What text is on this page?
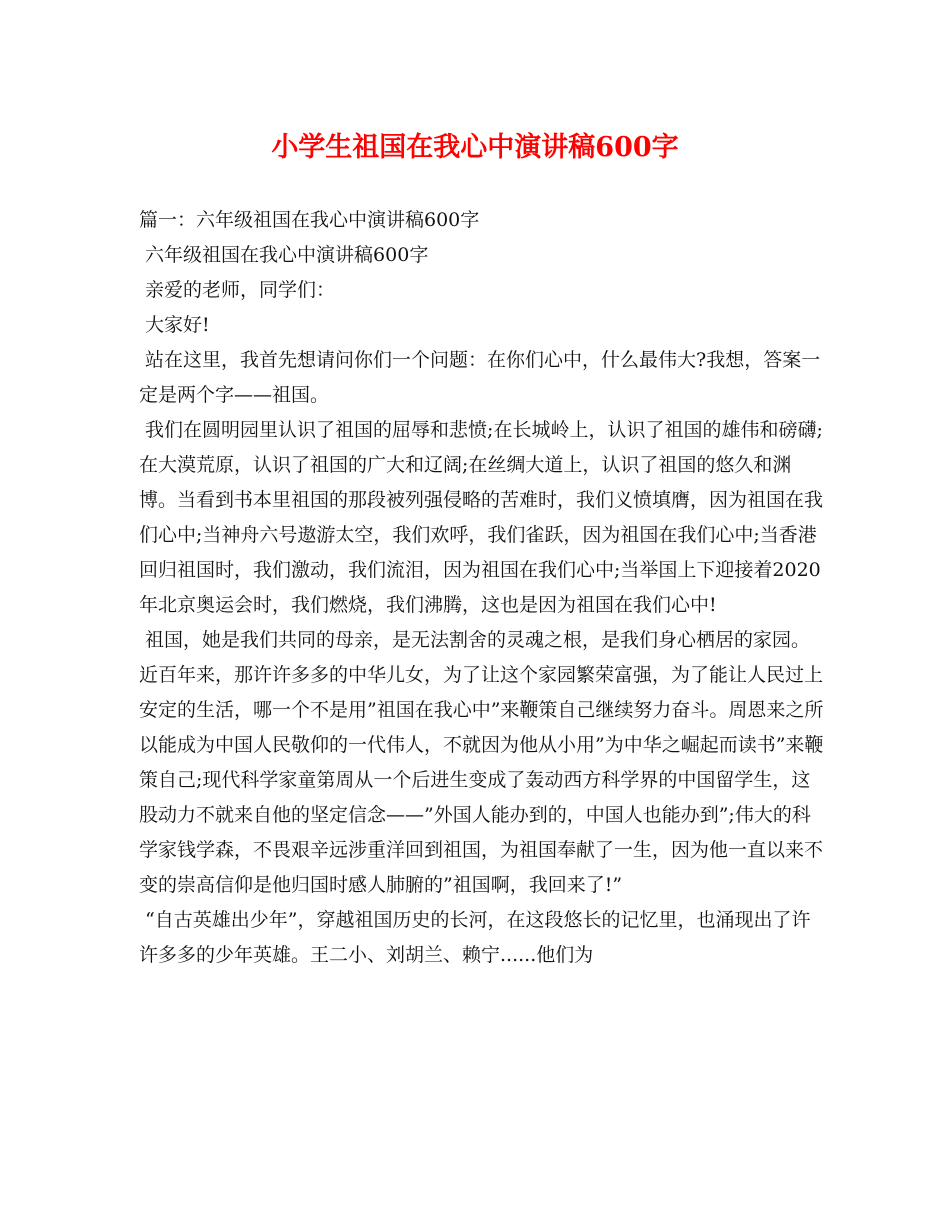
小学生祖国在我心中演讲稿600字

篇一：六年级祖国在我心中演讲稿600字

六年级祖国在我心中演讲稿600字

亲爱的老师，同学们：

大家好!

站在这里，我首先想请问你们一个问题：在你们心中，什么最伟大?我想，答案一定是两个字——祖国。

我们在圆明园里认识了祖国的屈辱和悲愤;在长城岭上，认识了祖国的雄伟和磅礴;在大漠荒原，认识了祖国的广大和辽阔;在丝绸大道上，认识了祖国的悠久和渊博。当看到书本里祖国的那段被列强侵略的苦难时，我们义愤填膺，因为祖国在我们心中;当神舟六号遨游太空，我们欢呼，我们雀跃，因为祖国在我们心中;当香港回归祖国时，我们激动，我们流泪，因为祖国在我们心中;当举国上下迎接着2020年北京奥运会时，我们燃烧，我们沸腾，这也是因为祖国在我们心中!

祖国，她是我们共同的母亲，是无法割舍的灵魂之根，是我们身心栖居的家园。近百年来，那许许多多的中华儿女，为了让这个家园繁荣富强，为了能让人民过上安定的生活，哪一个不是用”祖国在我心中”来鞭策自己继续努力奋斗。周恩来之所以能成为中国人民敬仰的一代伟人，不就因为他从小用”为中华之崛起而读书”来鞭策自己;现代科学家童第周从一个后进生变成了轰动西方科学界的中国留学生，这股动力不就来自他的坚定信念——”外国人能办到的，中国人也能办到”;伟大的科学家钱学森，不畏艰辛远涉重洋回到祖国，为祖国奉献了一生，因为他一直以来不变的崇高信仰是他归国时感人肺腑的”祖国啊，我回来了!”

“自古英雄出少年”，穿越祖国历史的长河，在这段悠长的记忆里，也涌现出了许许多多的少年英雄。王二小、刘胡兰、赖宁......他们为
